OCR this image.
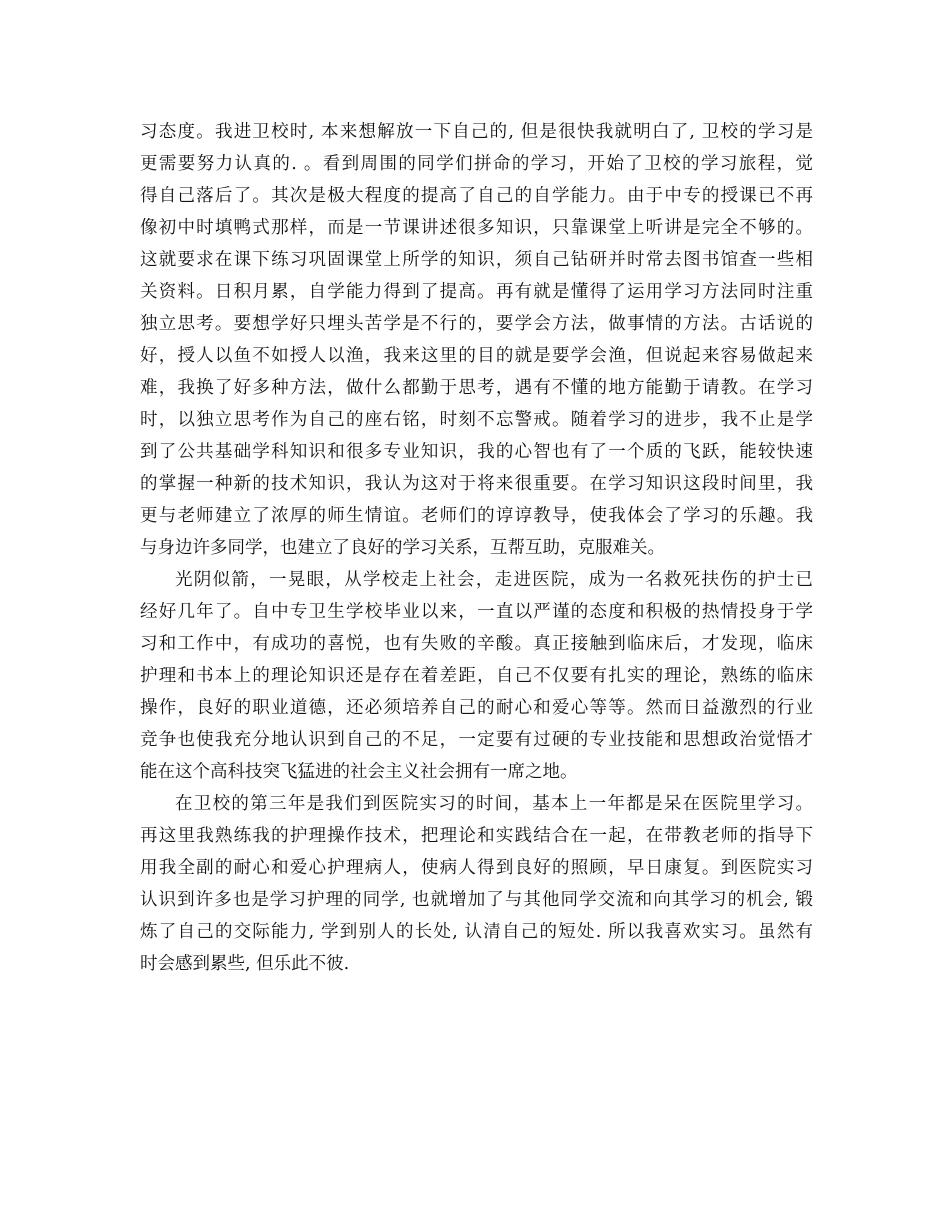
习态度。我进卫校时, 本来想解放一下自己的, 但是很快我就明白了, 卫校的学习是
更需要努力认真的. 。看到周围的同学们拼命的学习，开始了卫校的学习旅程，觉
得自己落后了。其次是极大程度的提高了自己的自学能力。由于中专的授课已不再
像初中时填鸭式那样，而是一节课讲述很多知识，只靠课堂上听讲是完全不够的。
这就要求在课下练习巩固课堂上所学的知识，须自己钻研并时常去图书馆查一些相
关资料。日积月累，自学能力得到了提高。再有就是懂得了运用学习方法同时注重
独立思考。要想学好只埋头苦学是不行的，要学会方法，做事情的方法。古话说的
好，授人以鱼不如授人以渔，我来这里的目的就是要学会渔，但说起来容易做起来
难，我换了好多种方法，做什么都勤于思考，遇有不懂的地方能勤于请教。在学习
时，以独立思考作为自己的座右铭，时刻不忘警戒。随着学习的进步，我不止是学
到了公共基础学科知识和很多专业知识，我的心智也有了一个质的飞跃，能较快速
的掌握一种新的技术知识，我认为这对于将来很重要。在学习知识这段时间里，我
更与老师建立了浓厚的师生情谊。老师们的谆谆教导，使我体会了学习的乐趣。我
与身边许多同学，也建立了良好的学习关系，互帮互助，克服难关。
光阴似箭，一晃眼，从学校走上社会，走进医院，成为一名救死扶伤的护士已
经好几年了。自中专卫生学校毕业以来，一直以严谨的态度和积极的热情投身于学
习和工作中，有成功的喜悦，也有失败的辛酸。真正接触到临床后，才发现，临床
护理和书本上的理论知识还是存在着差距，自己不仅要有扎实的理论，熟练的临床
操作，良好的职业道德，还必须培养自己的耐心和爱心等等。然而日益激烈的行业
竞争也使我充分地认识到自己的不足，一定要有过硬的专业技能和思想政治觉悟才
能在这个高科技突飞猛进的社会主义社会拥有一席之地。
在卫校的第三年是我们到医院实习的时间，基本上一年都是呆在医院里学习。
再这里我熟练我的护理操作技术，把理论和实践结合在一起，在带教老师的指导下
用我全副的耐心和爱心护理病人，使病人得到良好的照顾，早日康复。到医院实习
认识到许多也是学习护理的同学, 也就增加了与其他同学交流和向其学习的机会, 锻
炼了自己的交际能力, 学到别人的长处, 认清自己的短处. 所以我喜欢实习。虽然有
时会感到累些, 但乐此不彼.
